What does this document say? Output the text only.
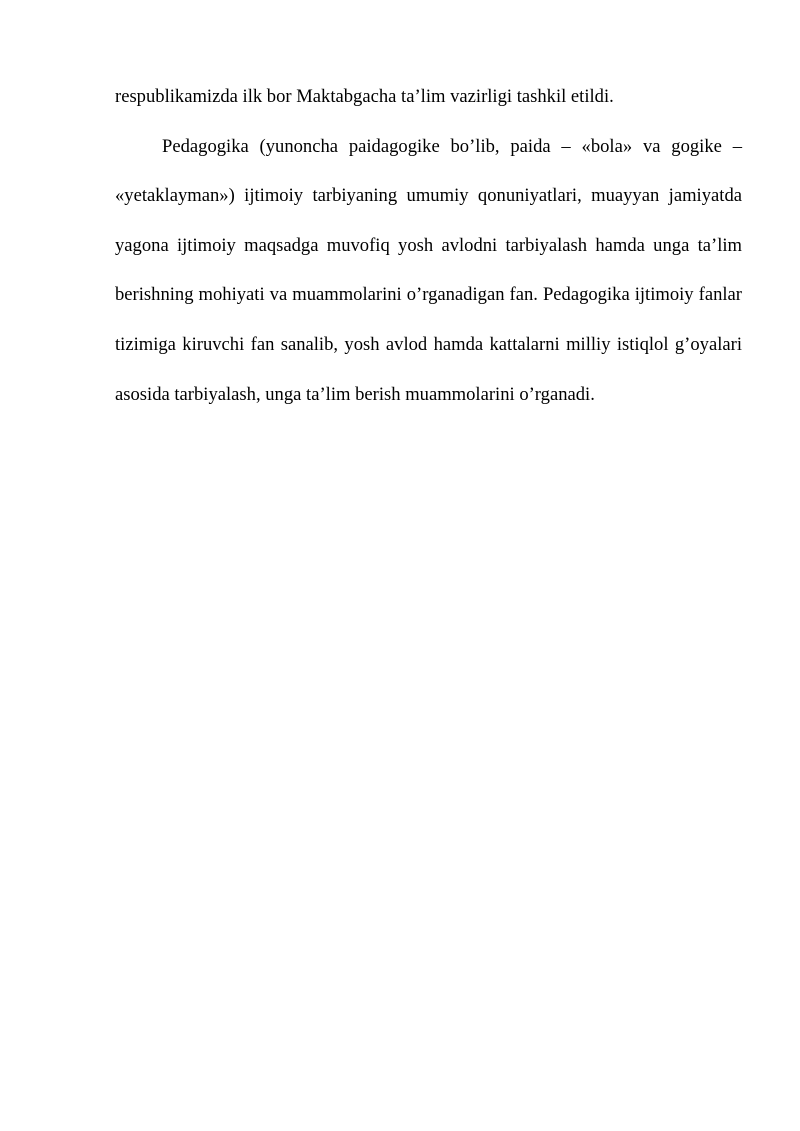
respublikamizda ilk bor Maktabgacha ta’lim vazirligi tashkil etildi.

Pedagogika (yunoncha paidagogike bo’lib, paida – «bola» va gogike – «yetaklayman») ijtimoiy tarbiyaning umumiy qonuniyatlari, muayyan jamiyatda yagona ijtimoiy maqsadga muvofiq yosh avlodni tarbiyalash hamda unga ta’lim berishning mohiyati va muammolarini o’rganadigan fan. Pedagogika ijtimoiy fanlar tizimiga kiruvchi fan sanalib, yosh avlod hamda kattalarni milliy istiqlol g’oyalari asosida tarbiyalash, unga ta’lim berish muammolarini o’rganadi.
